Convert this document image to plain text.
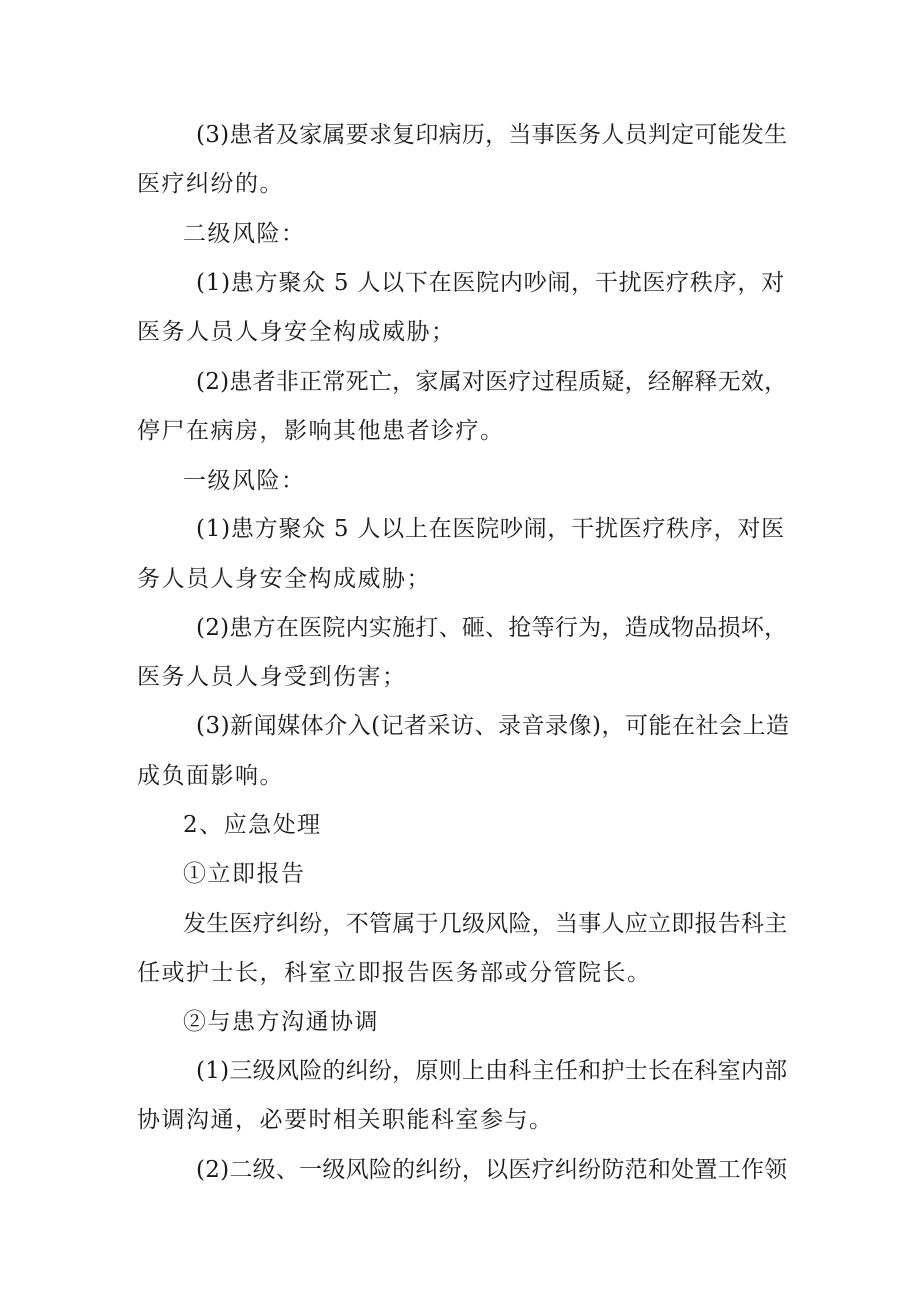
(3)患者及家属要求复印病历，当事医务人员判定可能发生
医疗纠纷的。
二级风险：
(1)患方聚众 5 人以下在医院内吵闹，干扰医疗秩序，对
医务人员人身安全构成威胁；
(2)患者非正常死亡，家属对医疗过程质疑，经解释无效，
停尸在病房，影响其他患者诊疗。
一级风险：
(1)患方聚众 5 人以上在医院吵闹，干扰医疗秩序，对医
务人员人身安全构成威胁；
(2)患方在医院内实施打、砸、抢等行为，造成物品损坏，
医务人员人身受到伤害；
(3)新闻媒体介入(记者采访、录音录像)，可能在社会上造
成负面影响。
2、应急处理
①立即报告
发生医疗纠纷，不管属于几级风险，当事人应立即报告科主
任或护士长，科室立即报告医务部或分管院长。
②与患方沟通协调
(1)三级风险的纠纷，原则上由科主任和护士长在科室内部
协调沟通，必要时相关职能科室参与。
(2)二级、一级风险的纠纷，以医疗纠纷防范和处置工作领
